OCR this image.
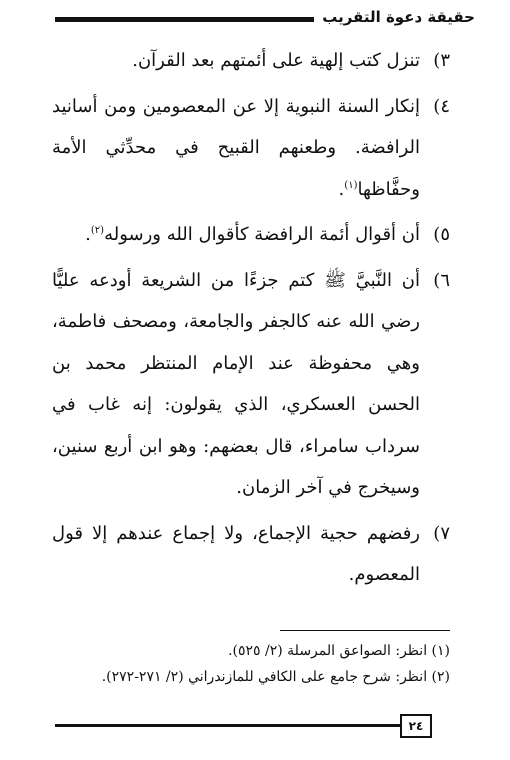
حقيقة دعوة التقريب
٣)
تنزل كتب إلهية على أئمتهم بعد القرآن.
٤)
إنكار السنة النبوية إلا عن المعصومين ومن أسانيد الرافضة. وطعنهم القبيح في محدِّثي الأمة وحفَّاظها$^{(١)}$.
٥)
أن أقوال أئمة الرافضة كأقوال الله ورسوله$^{(٢)}$.
٦)
أن النَّبيَّ ﷺ كتم جزءًا من الشريعة أودعه عليًّا رضي الله عنه كالجفر والجامعة، ومصحف فاطمة، وهي محفوظة عند الإمام المنتظر محمد بن الحسن العسكري، الذي يقولون: إنه غاب في سرداب سامراء، قال بعضهم: وهو ابن أربع سنين، وسيخرج في آخر الزمان.
٧)
رفضهم حجية الإجماع، ولا إجماع عندهم إلا قول المعصوم.
(١) انظر: الصواعق المرسلة (٢/ ٥٢٥).
(٢) انظر: شرح جامع على الكافي للمازندراني (٢/ ٢٧١-٢٧٢).
٢٤
